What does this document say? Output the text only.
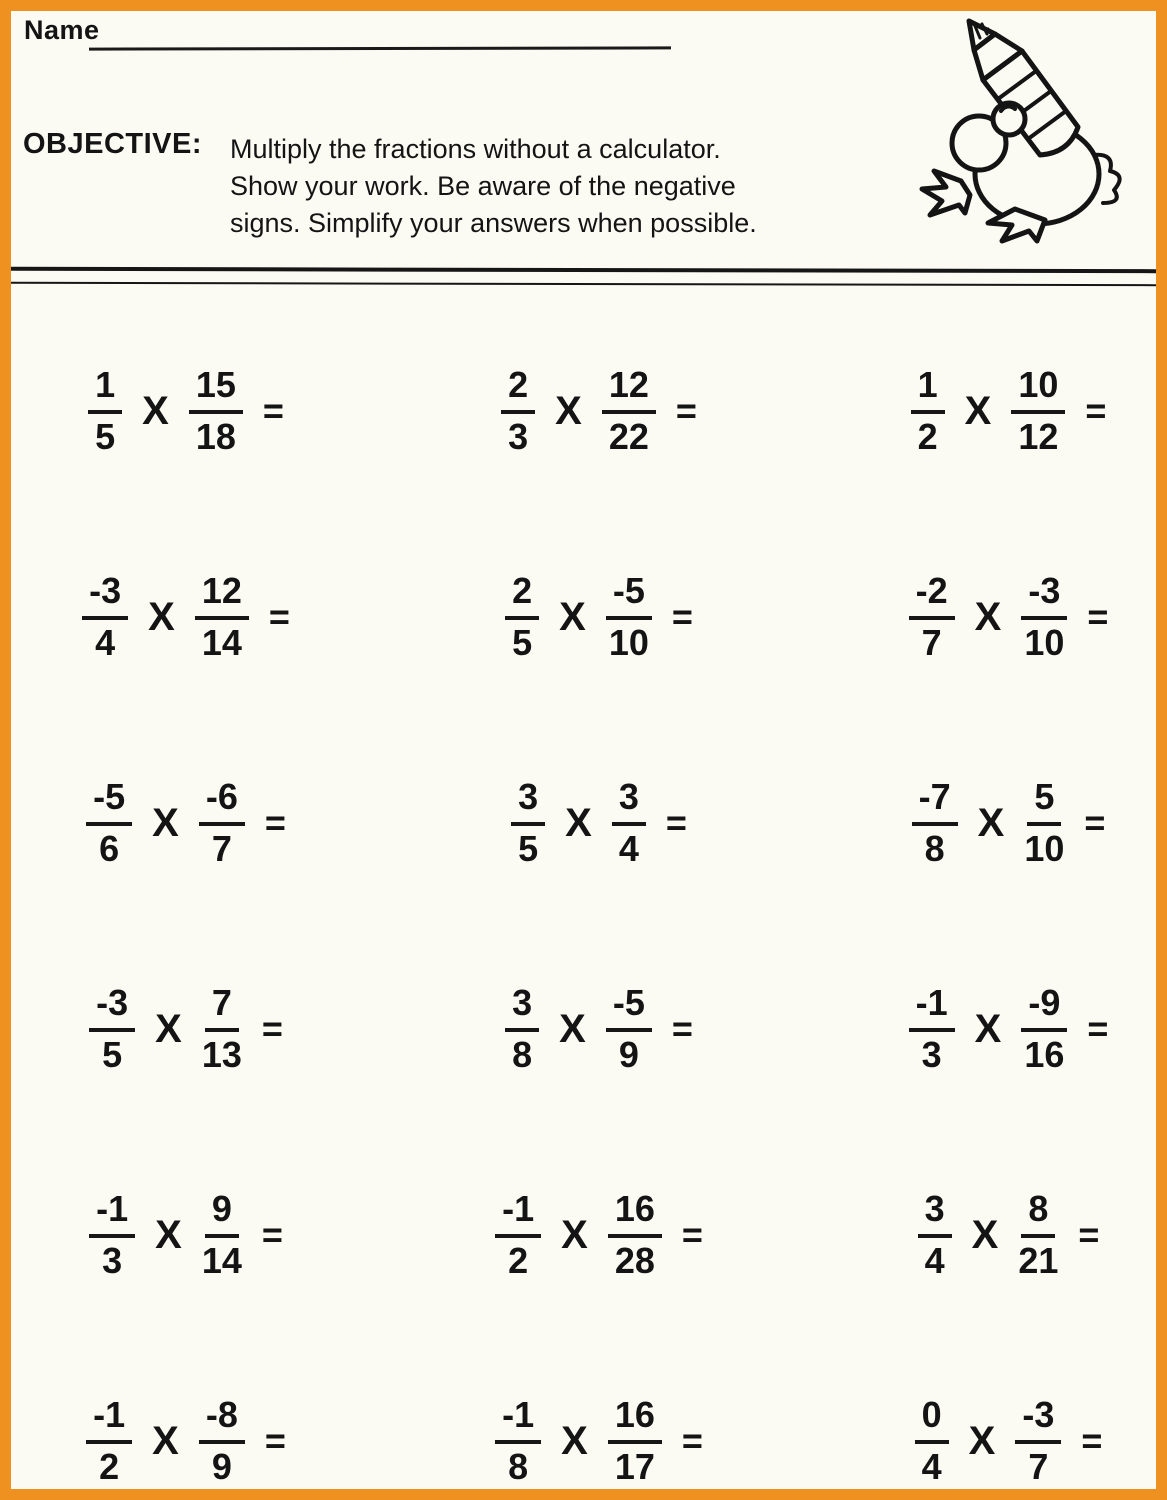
Name
OBJECTIVE: Multiply the fractions without a calculator.
Show your work. Be aware of the negative
signs. Simplify your answers when possible.
$\frac{1}{5}$ X $\frac{15}{18}$ =	$\frac{2}{3}$ X $\frac{12}{22}$ =	$\frac{1}{2}$ X $\frac{10}{12}$ =
$\frac{-3}{4}$ X $\frac{12}{14}$ =	$\frac{2}{5}$ X $\frac{-5}{10}$ =	$\frac{-2}{7}$ X $\frac{-3}{10}$ =
$\frac{-5}{6}$ X $\frac{-6}{7}$ =	$\frac{3}{5}$ X $\frac{3}{4}$ =	$\frac{-7}{8}$ X $\frac{5}{10}$ =
$\frac{-3}{5}$ X $\frac{7}{13}$ =	$\frac{3}{8}$ X $\frac{-5}{9}$ =	$\frac{-1}{3}$ X $\frac{-9}{16}$ =
$\frac{-1}{3}$ X $\frac{9}{14}$ =	$\frac{-1}{2}$ X $\frac{16}{28}$ =	$\frac{3}{4}$ X $\frac{8}{21}$ =
$\frac{-1}{2}$ X $\frac{-8}{9}$ =	$\frac{-1}{8}$ X $\frac{16}{17}$ =	$\frac{0}{4}$ X $\frac{-3}{7}$ =
